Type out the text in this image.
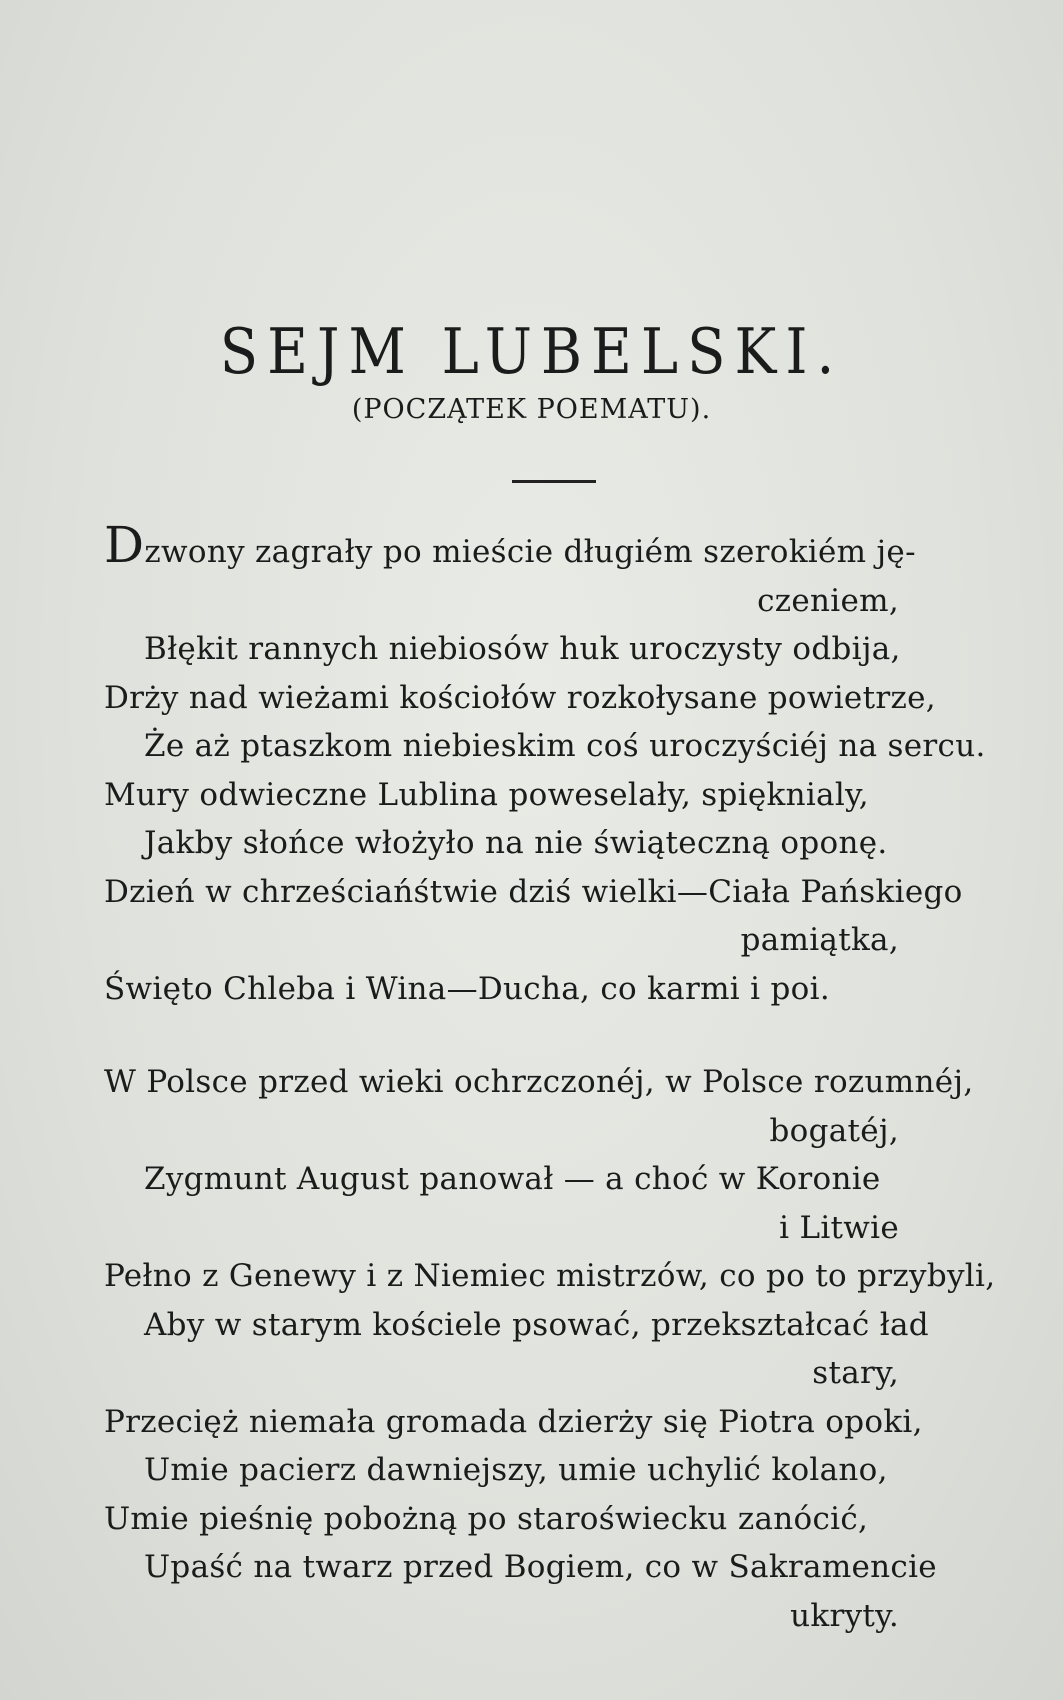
SEJM LUBELSKI.
(POCZĄTEK POEMATU).
Dzwony zagrały po mieście długiém szerokiém ję-
czeniem,
Błękit rannych niebiosów huk uroczysty odbija,
Drży nad wieżami kościołów rozkołysane powietrze,
Że aż ptaszkom niebieskim coś uroczyściéj na sercu.
Mury odwieczne Lublina poweselały, spięknialy,
Jakby słońce włożyło na nie świąteczną oponę.
Dzień w chrześciańśtwie dziś wielki—Ciała Pańskiego
pamiątka,
Święto Chleba i Wina—Ducha, co karmi i poi.
W Polsce przed wieki ochrzczonéj, w Polsce rozumnéj,
bogatéj,
Zygmunt August panował — a choć w Koronie
i Litwie
Pełno z Genewy i z Niemiec mistrzów, co po to przybyli,
Aby w starym kościele psować, przekształcać ład
stary,
Przecięż niemała gromada dzierży się Piotra opoki,
Umie pacierz dawniejszy, umie uchylić kolano,
Umie pieśnię pobożną po staroświecku zanócić,
Upaść na twarz przed Bogiem, co w Sakramencie
ukryty.
